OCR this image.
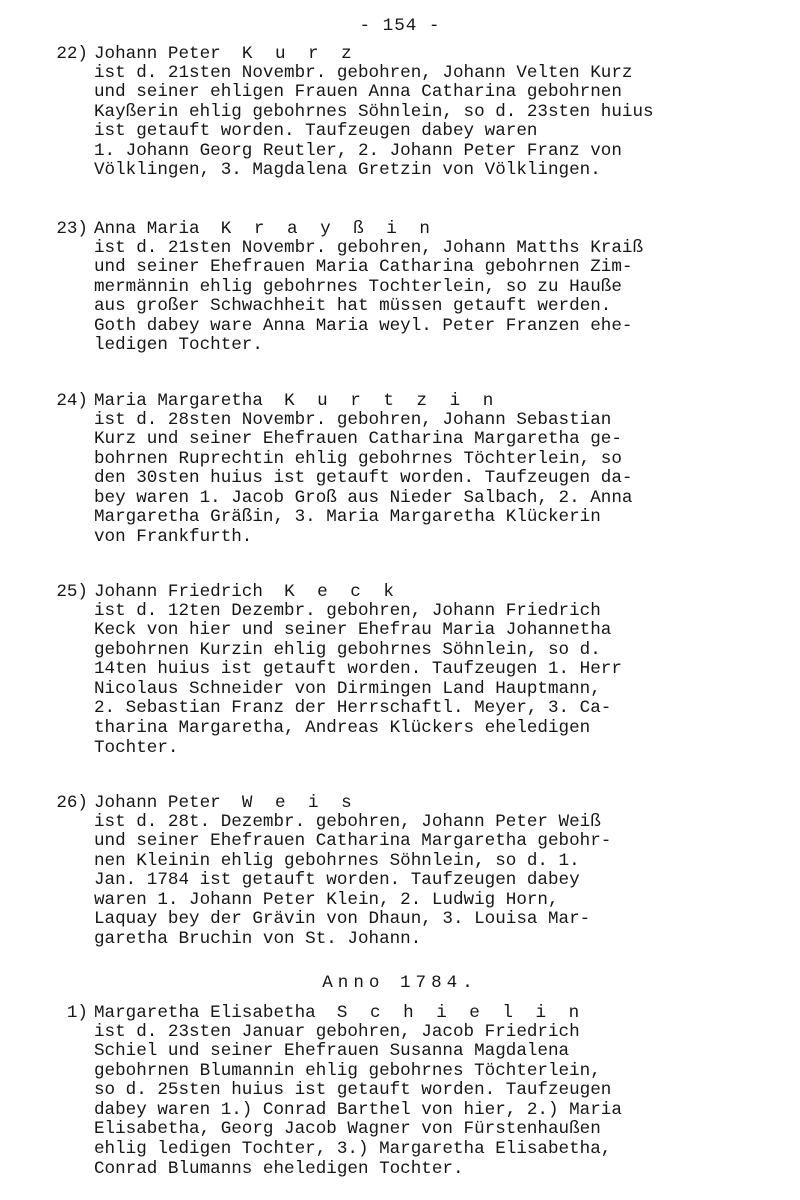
- 154 -
22) Johann Peter K u r z
ist d. 21sten Novembr. gebohren, Johann Velten Kurz
und seiner ehligen Frauen Anna Catharina gebohrnen
Kayßerin ehlig gebohrnes Söhnlein, so d. 23sten huius
ist getauft worden. Taufzeugen dabey waren
1. Johann Georg Reutler, 2. Johann Peter Franz von
Völklingen, 3. Magdalena Gretzin von Völklingen.
23) Anna Maria K r a y ß i n
ist d. 21sten Novembr. gebohren, Johann Matths Kraiß
und seiner Ehefrauen Maria Catharina gebohrnen Zim-
mermännin ehlig gebohrnes Tochterlein, so zu Hauße
aus großer Schwachheit hat müssen getauft werden.
Goth dabey ware Anna Maria weyl. Peter Franzen ehe-
ledigen Tochter.
24) Maria Margaretha K u r t z i n
ist d. 28sten Novembr. gebohren, Johann Sebastian
Kurz und seiner Ehefrauen Catharina Margaretha ge-
bohrnen Ruprechtin ehlig gebohrnes Töchterlein, so
den 30sten huius ist getauft worden. Taufzeugen da-
bey waren 1. Jacob Groß aus Nieder Salbach, 2. Anna
Margaretha Gräßin, 3. Maria Margaretha Klückerin
von Frankfurth.
25) Johann Friedrich K e c k
ist d. 12ten Dezembr. gebohren, Johann Friedrich
Keck von hier und seiner Ehefrau Maria Johannetha
gebohrnen Kurzin ehlig gebohrnes Söhnlein, so d.
14ten huius ist getauft worden. Taufzeugen 1. Herr
Nicolaus Schneider von Dirmingen Land Hauptmann,
2. Sebastian Franz der Herrschaftl. Meyer, 3. Ca-
tharina Margaretha, Andreas Klückers eheledigen
Tochter.
26) Johann Peter W e i s
ist d. 28t. Dezembr. gebohren, Johann Peter Weiß
und seiner Ehefrauen Catharina Margaretha gebohr-
nen Kleinin ehlig gebohrnes Söhnlein, so d. 1.
Jan. 1784 ist getauft worden. Taufzeugen dabey
waren 1. Johann Peter Klein, 2. Ludwig Horn,
Laquay bey der Grävin von Dhaun, 3. Louisa Mar-
garetha Bruchin von St. Johann.
Anno 1784.
1) Margaretha Elisabetha S c h i e l i n
ist d. 23sten Januar gebohren, Jacob Friedrich
Schiel und seiner Ehefrauen Susanna Magdalena
gebohrnen Blumannin ehlig gebohrnes Töchterlein,
so d. 25sten huius ist getauft worden. Taufzeugen
dabey waren 1.) Conrad Barthel von hier, 2.) Maria
Elisabetha, Georg Jacob Wagner von Fürstenhaußen
ehlig ledigen Tochter, 3.) Margaretha Elisabetha,
Conrad Blumanns eheledigen Tochter.
